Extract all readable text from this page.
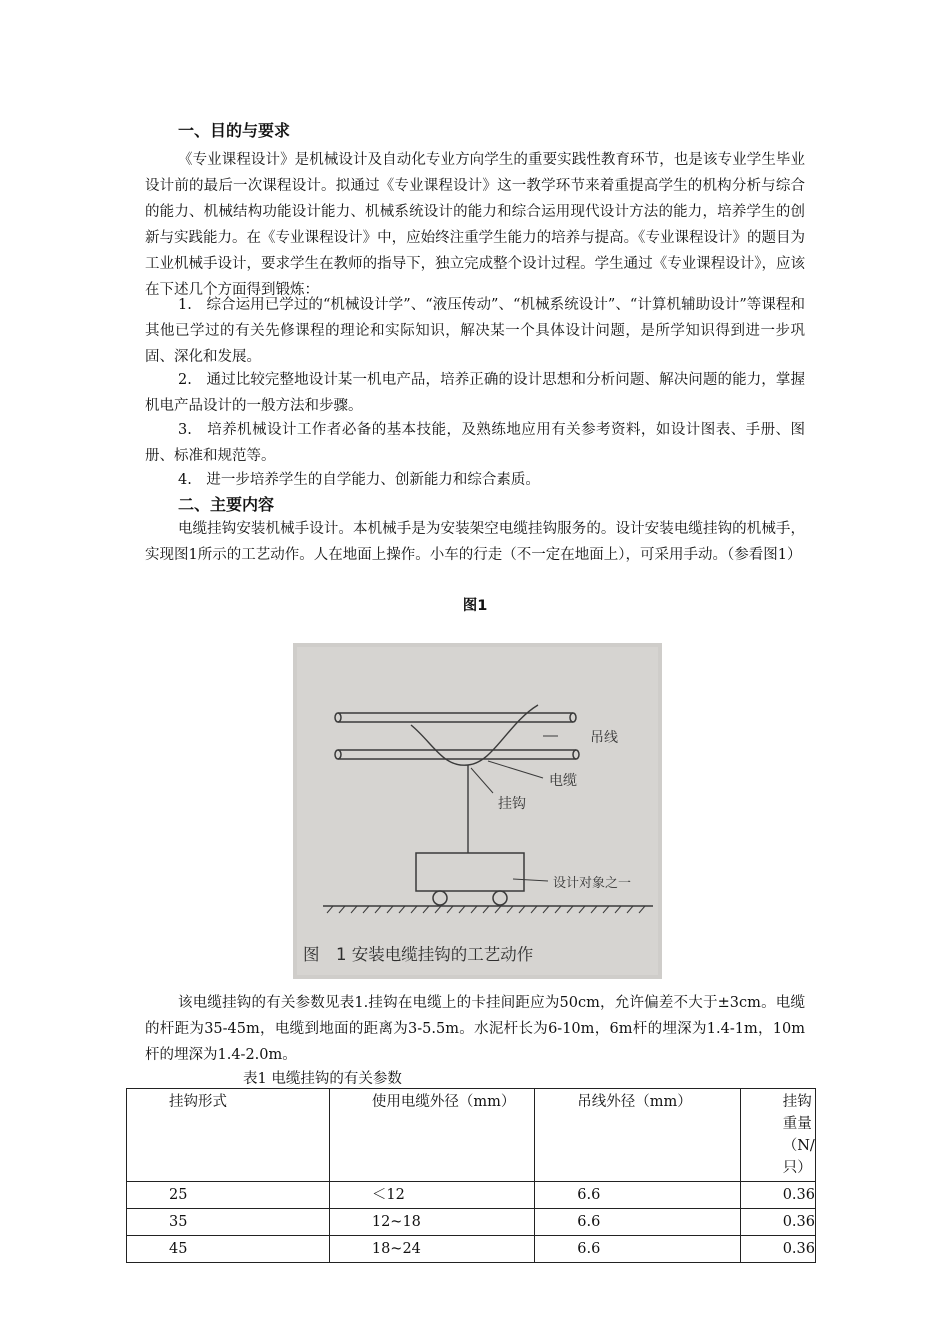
一、目的与要求

《专业课程设计》是机械设计及自动化专业方向学生的重要实践性教育环节，也是该专业学生毕业设计前的最后一次课程设计。拟通过《专业课程设计》这一教学环节来着重提高学生的机构分析与综合的能力、机械结构功能设计能力、机械系统设计的能力和综合运用现代设计方法的能力，培养学生的创新与实践能力。在《专业课程设计》中，应始终注重学生能力的培养与提高。《专业课程设计》的题目为工业机械手设计，要求学生在教师的指导下，独立完成整个设计过程。学生通过《专业课程设计》，应该在下述几个方面得到锻炼：

1.　综合运用已学过的“机械设计学”、“液压传动”、“机械系统设计”、“计算机辅助设计”等课程和其他已学过的有关先修课程的理论和实际知识，解决某一个具体设计问题，是所学知识得到进一步巩固、深化和发展。

2.　通过比较完整地设计某一机电产品，培养正确的设计思想和分析问题、解决问题的能力，掌握机电产品设计的一般方法和步骤。

3.　培养机械设计工作者必备的基本技能，及熟练地应用有关参考资料，如设计图表、手册、图册、标准和规范等。

4.　进一步培养学生的自学能力、创新能力和综合素质。

二、主要内容

电缆挂钩安装机械手设计。本机械手是为安装架空电缆挂钩服务的。设计安装电缆挂钩的机械手，实现图1所示的工艺动作。人在地面上操作。小车的行走（不一定在地面上），可采用手动。（参看图1）

图1
吊线
电缆
挂钩
设计对象之一
图　1 安装电缆挂钩的工艺动作

该电缆挂钩的有关参数见表1.挂钩在电缆上的卡挂间距应为50cm，允许偏差不大于±3cm。电缆的杆距为35-45m，电缆到地面的距离为3-5.5m。水泥杆长为6-10m，6m杆的埋深为1.4-1m，10m杆的埋深为1.4-2.0m。

表1 电缆挂钩的有关参数
挂钩形式	使用电缆外径（mm）	吊线外径（mm）	挂钩重量（N/只）
25	＜12	6.6	0.36
35	12~18	6.6	0.36
45	18~24	6.6	0.36
